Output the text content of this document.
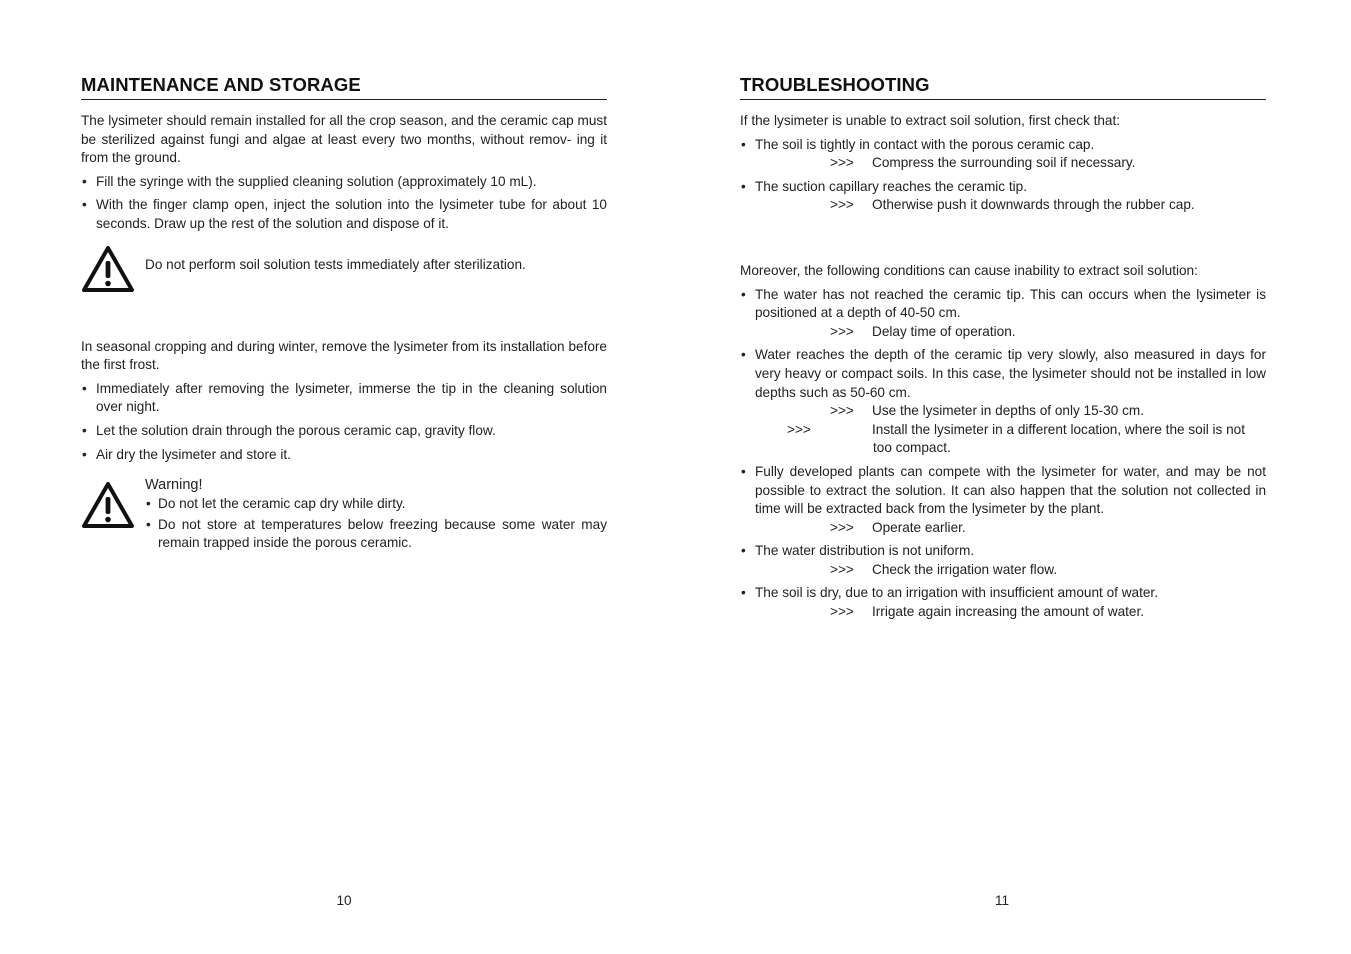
MAINTENANCE AND STORAGE

The lysimeter should remain installed for all the crop season, and the ceramic cap must be sterilized against fungi and algae at least every two months, without remov- ing it from the ground.

• Fill the syringe with the supplied cleaning solution (approximately 10 mL).
• With the finger clamp open, inject the solution into the lysimeter tube for about 10 seconds. Draw up the rest of the solution and dispose of it.

Do not perform soil solution tests immediately after sterilization.

In seasonal cropping and during winter, remove the lysimeter from its installation before the first frost.

• Immediately after removing the lysimeter, immerse the tip in the cleaning solution over night.
• Let the solution drain through the porous ceramic cap, gravity flow.
• Air dry the lysimeter and store it.
Warning!
• Do not let the ceramic cap dry while dirty.
• Do not store at temperatures below freezing because some water may remain trapped inside the porous ceramic.
10
TROUBLESHOOTING

If the lysimeter is unable to extract soil solution, first check that:

• The soil is tightly in contact with the porous ceramic cap.
>>> Compress the surrounding soil if necessary.
• The suction capillary reaches the ceramic tip.
>>> Otherwise push it downwards through the rubber cap.

Moreover, the following conditions can cause inability to extract soil solution:

• The water has not reached the ceramic tip. This can occurs when the lysimeter is positioned at a depth of 40-50 cm.
>>> Delay time of operation.
• Water reaches the depth of the ceramic tip very slowly, also measured in days for very heavy or compact soils. In this case, the lysimeter should not be installed in low depths such as 50-60 cm.
>>> Use the lysimeter in depths of only 15-30 cm.
>>>	Install the lysimeter in a different location, where the soil is not too compact.
• Fully developed plants can compete with the lysimeter for water, and may be not possible to extract the solution. It can also happen that the solution not collected in time will be extracted back from the lysimeter by the plant.
>>> Operate earlier.
• The water distribution is not uniform.
>>> Check the irrigation water flow.
• The soil is dry, due to an irrigation with insufficient amount of water.
>>> Irrigate again increasing the amount of water.
11
